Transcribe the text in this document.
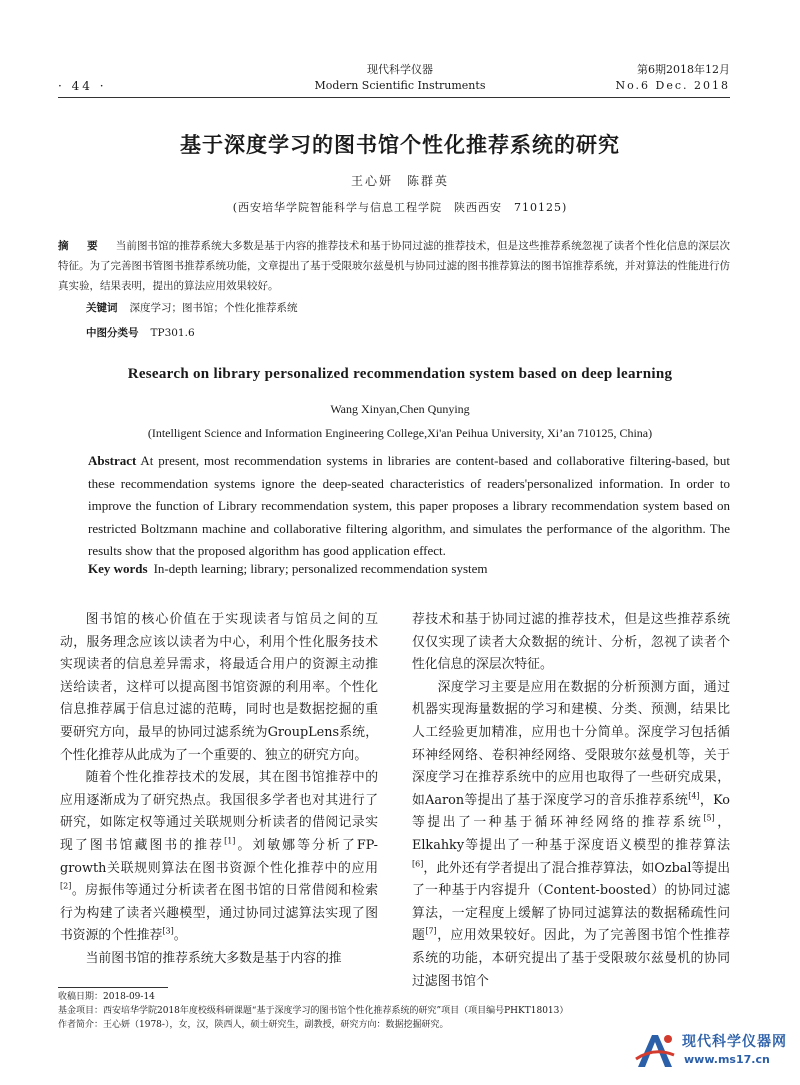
· 44 ·
现代科学仪器
Modern Scientific Instruments
第6期2018年12月
No.6 Dec. 2018
基于深度学习的图书馆个性化推荐系统的研究
王心妍　陈群英
(西安培华学院智能科学与信息工程学院　陕西西安　710125)
摘　要 当前图书馆的推荐系统大多数是基于内容的推荐技术和基于协同过滤的推荐技术，但是这些推荐系统忽视了读者个性化信息的深层次特征。为了完善图书管图书推荐系统功能，文章提出了基于受限玻尔兹曼机与协同过滤的图书推荐算法的图书馆推荐系统，并对算法的性能进行仿真实验，结果表明，提出的算法应用效果较好。
关键词 深度学习；图书馆；个性化推荐系统
中图分类号 TP301.6
Research on library personalized recommendation system based on deep learning
Wang Xinyan,Chen Qunying
(Intelligent Science and Information Engineering College,Xi'an Peihua University, Xi’an 710125, China)
Abstract At present, most recommendation systems in libraries are content-based and collaborative filtering-based, but these recommendation systems ignore the deep-seated characteristics of readers'personalized information. In order to improve the function of Library recommendation system, this paper proposes a library recommendation system based on restricted Boltzmann machine and collaborative filtering algorithm, and simulates the performance of the algorithm. The results show that the proposed algorithm has good application effect.
Key words In-depth learning; library; personalized recommendation system

图书馆的核心价值在于实现读者与馆员之间的互动，服务理念应该以读者为中心，利用个性化服务技术实现读者的信息差异需求，将最适合用户的资源主动推送给读者，这样可以提高图书馆资源的利用率。个性化信息推荐属于信息过滤的范畴，同时也是数据挖掘的重要研究方向，最早的协同过滤系统为GroupLens系统，个性化推荐从此成为了一个重要的、独立的研究方向。

随着个性化推荐技术的发展，其在图书馆推荐中的应用逐渐成为了研究热点。我国很多学者也对其进行了研究，如陈定权等通过关联规则分析读者的借阅记录实现了图书馆藏图书的推荐[1]。刘敏娜等分析了FP-growth关联规则算法在图书资源个性化推荐中的应用[2]。房振伟等通过分析读者在图书馆的日常借阅和检索行为构建了读者兴趣模型，通过协同过滤算法实现了图书资源的个性推荐[3]。

当前图书馆的推荐系统大多数是基于内容的推

荐技术和基于协同过滤的推荐技术，但是这些推荐系统仅仅实现了读者大众数据的统计、分析，忽视了读者个性化信息的深层次特征。

深度学习主要是应用在数据的分析预测方面，通过机器实现海量数据的学习和建模、分类、预测，结果比人工经验更加精准，应用也十分简单。深度学习包括循环神经网络、卷积神经网络、受限玻尔兹曼机等，关于深度学习在推荐系统中的应用也取得了一些研究成果，如Aaron等提出了基于深度学习的音乐推荐系统[4]，Ko等提出了一种基于循环神经网络的推荐系统[5]，Elkahky等提出了一种基于深度语义模型的推荐算法[6]，此外还有学者提出了混合推荐算法，如Ozbal等提出了一种基于内容提升（Content-boosted）的协同过滤算法，一定程度上缓解了协同过滤算法的数据稀疏性问题[7]，应用效果较好。因此，为了完善图书馆个性推荐系统的功能，本研究提出了基于受限玻尔兹曼机的协同过滤图书馆个

收稿日期：2018-09-14
基金项目：西安培华学院2018年度校级科研课题“基于深度学习的图书馆个性化推荐系统的研究”项目（项目编号PHKT18013）
作者简介：王心妍（1978-），女，汉，陕西人，硕士研究生，副教授，研究方向：数据挖掘研究。
现代科学仪器网
www.ms17.cn
